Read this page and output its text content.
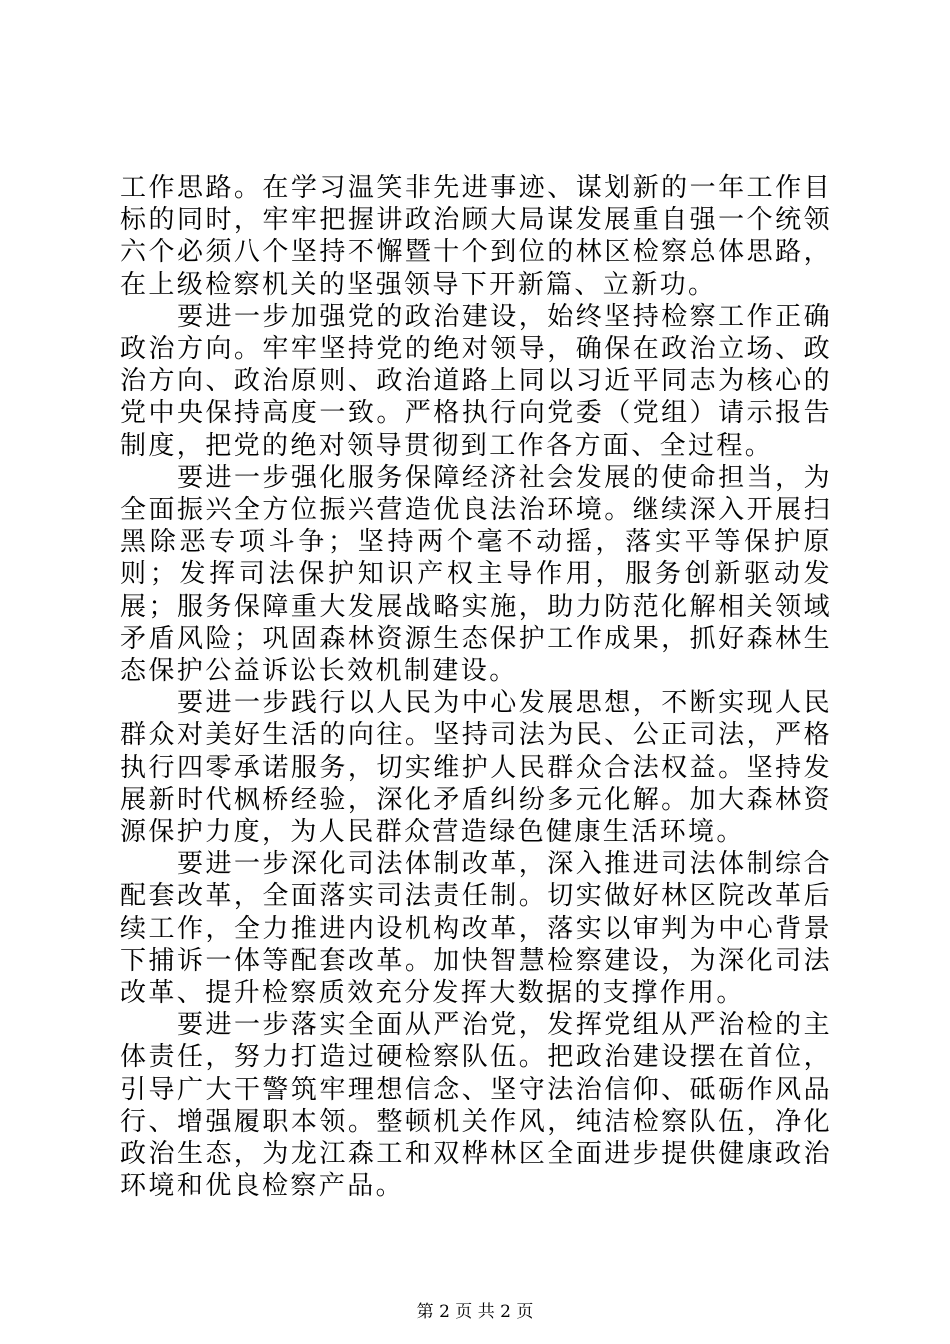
工作思路。在学习温笑非先进事迹、谋划新的一年工作目标的同时，牢牢把握讲政治顾大局谋发展重自强一个统领六个必须八个坚持不懈暨十个到位的林区检察总体思路，在上级检察机关的坚强领导下开新篇、立新功。

要进一步加强党的政治建设，始终坚持检察工作正确政治方向。牢牢坚持党的绝对领导，确保在政治立场、政治方向、政治原则、政治道路上同以习近平同志为核心的党中央保持高度一致。严格执行向党委（党组）请示报告制度，把党的绝对领导贯彻到工作各方面、全过程。

要进一步强化服务保障经济社会发展的使命担当，为全面振兴全方位振兴营造优良法治环境。继续深入开展扫黑除恶专项斗争；坚持两个毫不动摇，落实平等保护原则；发挥司法保护知识产权主导作用，服务创新驱动发展；服务保障重大发展战略实施，助力防范化解相关领域矛盾风险；巩固森林资源生态保护工作成果，抓好森林生态保护公益诉讼长效机制建设。

要进一步践行以人民为中心发展思想，不断实现人民群众对美好生活的向往。坚持司法为民、公正司法，严格执行四零承诺服务，切实维护人民群众合法权益。坚持发展新时代枫桥经验，深化矛盾纠纷多元化解。加大森林资源保护力度，为人民群众营造绿色健康生活环境。

要进一步深化司法体制改革，深入推进司法体制综合配套改革，全面落实司法责任制。切实做好林区院改革后续工作，全力推进内设机构改革，落实以审判为中心背景下捕诉一体等配套改革。加快智慧检察建设，为深化司法改革、提升检察质效充分发挥大数据的支撑作用。

要进一步落实全面从严治党，发挥党组从严治检的主体责任，努力打造过硬检察队伍。把政治建设摆在首位，引导广大干警筑牢理想信念、坚守法治信仰、砥砺作风品行、增强履职本领。整顿机关作风，纯洁检察队伍，净化政治生态，为龙江森工和双桦林区全面进步提供健康政治环境和优良检察产品。

第 2 页 共 2 页
